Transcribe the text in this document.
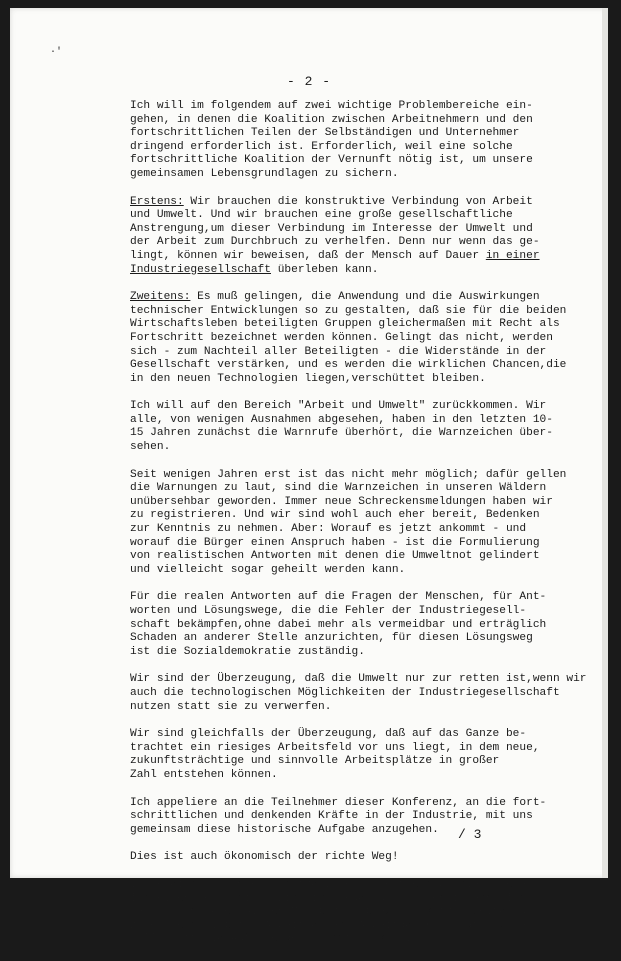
·'
- 2 -
Ich will im folgendem auf zwei wichtige Problembereiche ein-
gehen, in denen die Koalition zwischen Arbeitnehmern und den
fortschrittlichen Teilen der Selbständigen und Unternehmer
dringend erforderlich ist. Erforderlich, weil eine solche
fortschrittliche Koalition der Vernunft nötig ist, um unsere
gemeinsamen Lebensgrundlagen zu sichern.
Erstens: Wir brauchen die konstruktive Verbindung von Arbeit
und Umwelt. Und wir brauchen eine große gesellschaftliche
Anstrengung,um dieser Verbindung im Interesse der Umwelt und
der Arbeit zum Durchbruch zu verhelfen. Denn nur wenn das ge-
lingt, können wir beweisen, daß der Mensch auf Dauer in einer
Industriegesellschaft überleben kann.
Zweitens: Es muß gelingen, die Anwendung und die Auswirkungen
technischer Entwicklungen so zu gestalten, daß sie für die beiden
Wirtschaftsleben beteiligten Gruppen gleichermaßen mit Recht als
Fortschritt bezeichnet werden können. Gelingt das nicht, werden
sich - zum Nachteil aller Beteiligten - die Widerstände in der
Gesellschaft verstärken, und es werden die wirklichen Chancen,die
in den neuen Technologien liegen,verschüttet bleiben.
Ich will auf den Bereich "Arbeit und Umwelt" zurückkommen. Wir
alle, von wenigen Ausnahmen abgesehen, haben in den letzten 10-
15 Jahren zunächst die Warnrufe überhört, die Warnzeichen über-
sehen.
Seit wenigen Jahren erst ist das nicht mehr möglich; dafür gellen
die Warnungen zu laut, sind die Warnzeichen in unseren Wäldern
unübersehbar geworden. Immer neue Schreckensmeldungen haben wir
zu registrieren. Und wir sind wohl auch eher bereit, Bedenken
zur Kenntnis zu nehmen. Aber: Worauf es jetzt ankommt - und
worauf die Bürger einen Anspruch haben - ist die Formulierung
von realistischen Antworten mit denen die Umweltnot gelindert
und vielleicht sogar geheilt werden kann.
Für die realen Antworten auf die Fragen der Menschen, für Ant-
worten und Lösungswege, die die Fehler der Industriegesell-
schaft bekämpfen,ohne dabei mehr als vermeidbar und erträglich
Schaden an anderer Stelle anzurichten, für diesen Lösungsweg
ist die Sozialdemokratie zuständig.
Wir sind der Überzeugung, daß die Umwelt nur zur retten ist,wenn wir
auch die technologischen Möglichkeiten der Industriegesellschaft
nutzen statt sie zu verwerfen.
Wir sind gleichfalls der Überzeugung, daß auf das Ganze be-
trachtet ein riesiges Arbeitsfeld vor uns liegt, in dem neue,
zukunftsträchtige und sinnvolle Arbeitsplätze in großer
Zahl entstehen können.
Ich appeliere an die Teilnehmer dieser Konferenz, an die fort-
schrittlichen und denkenden Kräfte in der Industrie, mit uns
gemeinsam diese historische Aufgabe anzugehen.
Dies ist auch ökonomisch der richte Weg!
Im Bereich des Umweltschutzes, der Umwelttechnologien, sehe
ich einen der wenigen wirklich neuen und großen internationalen
Wachstumsmärkte. Diesen Markt zu entdecken, aufzuarbeiten und
zu erobern, ist für Arbeitnehmer, Arbeitgeber, Staat und Ge-
sellschaft die Aufgabe der nächsten Jahre.
/ 3
